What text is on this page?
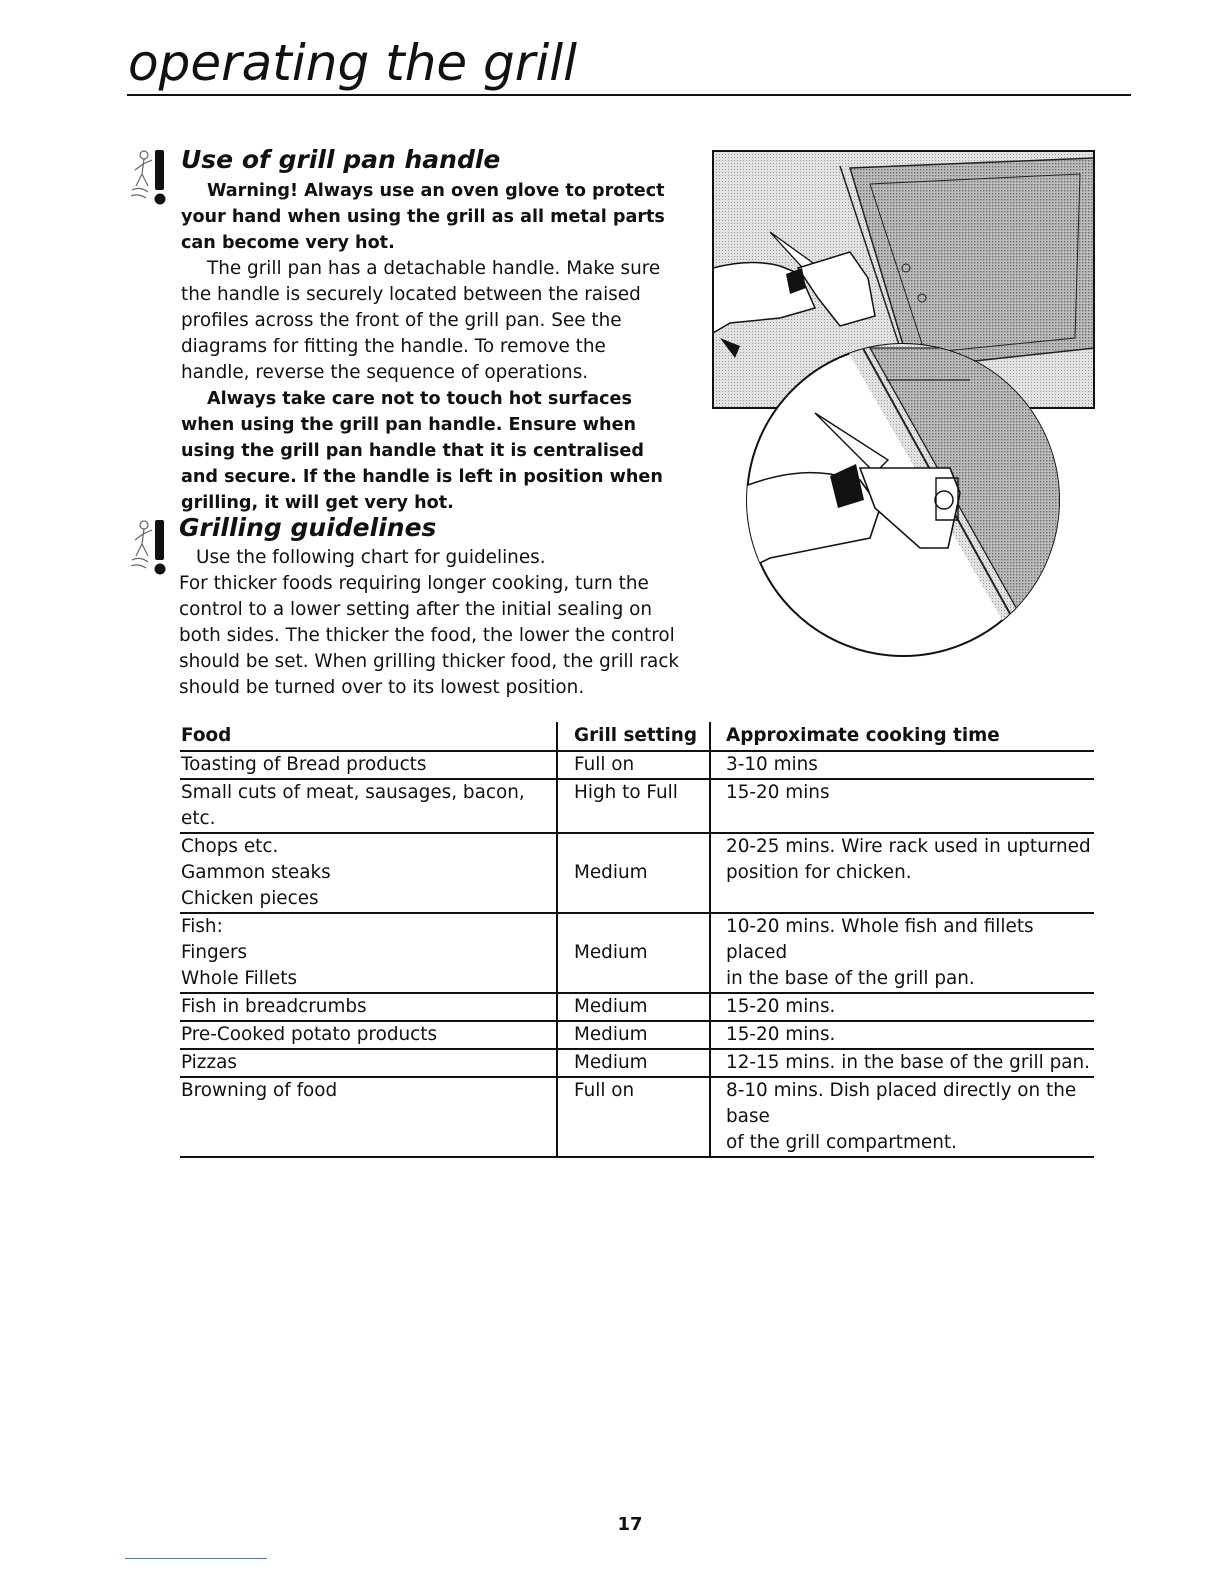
operating the grill
Use of grill pan handle

Warning! Always use an oven glove to protect your hand when using the grill as all metal parts can become very hot.

The grill pan has a detachable handle. Make sure the handle is securely located between the raised profiles across the front of the grill pan. See the diagrams for fitting the handle. To remove the handle, reverse the sequence of operations.

Always take care not to touch hot surfaces when using the grill pan handle. Ensure when using the grill pan handle that it is centralised and secure. If the handle is left in position when grilling, it will get very hot.

Grilling guidelines

Use the following chart for guidelines.

For thicker foods requiring longer cooking, turn the control to a lower setting after the initial sealing on both sides. The thicker the food, the lower the control should be set. When grilling thicker food, the grill rack should be turned over to its lowest position.

Food	Grill setting	Approximate cooking time

Toasting of Bread products	Full on	3-10 mins

Small cuts of meat, sausages, bacon, etc.	High to Full	15-20 mins

Chops etc.
Gammon steaks
Chicken pieces	Medium	20-25 mins. Wire rack used in upturned
position for chicken.

Fish:
Fingers
Whole Fillets	Medium	10-20 mins. Whole fish and fillets placed
in the base of the grill pan.

Fish in breadcrumbs	Medium	15-20 mins.

Pre-Cooked potato products	Medium	15-20 mins.

Pizzas	Medium	12-15 mins. in the base of the grill pan.

Browning of food	Full on	8-10 mins. Dish placed directly on the base
of the grill compartment.
17
